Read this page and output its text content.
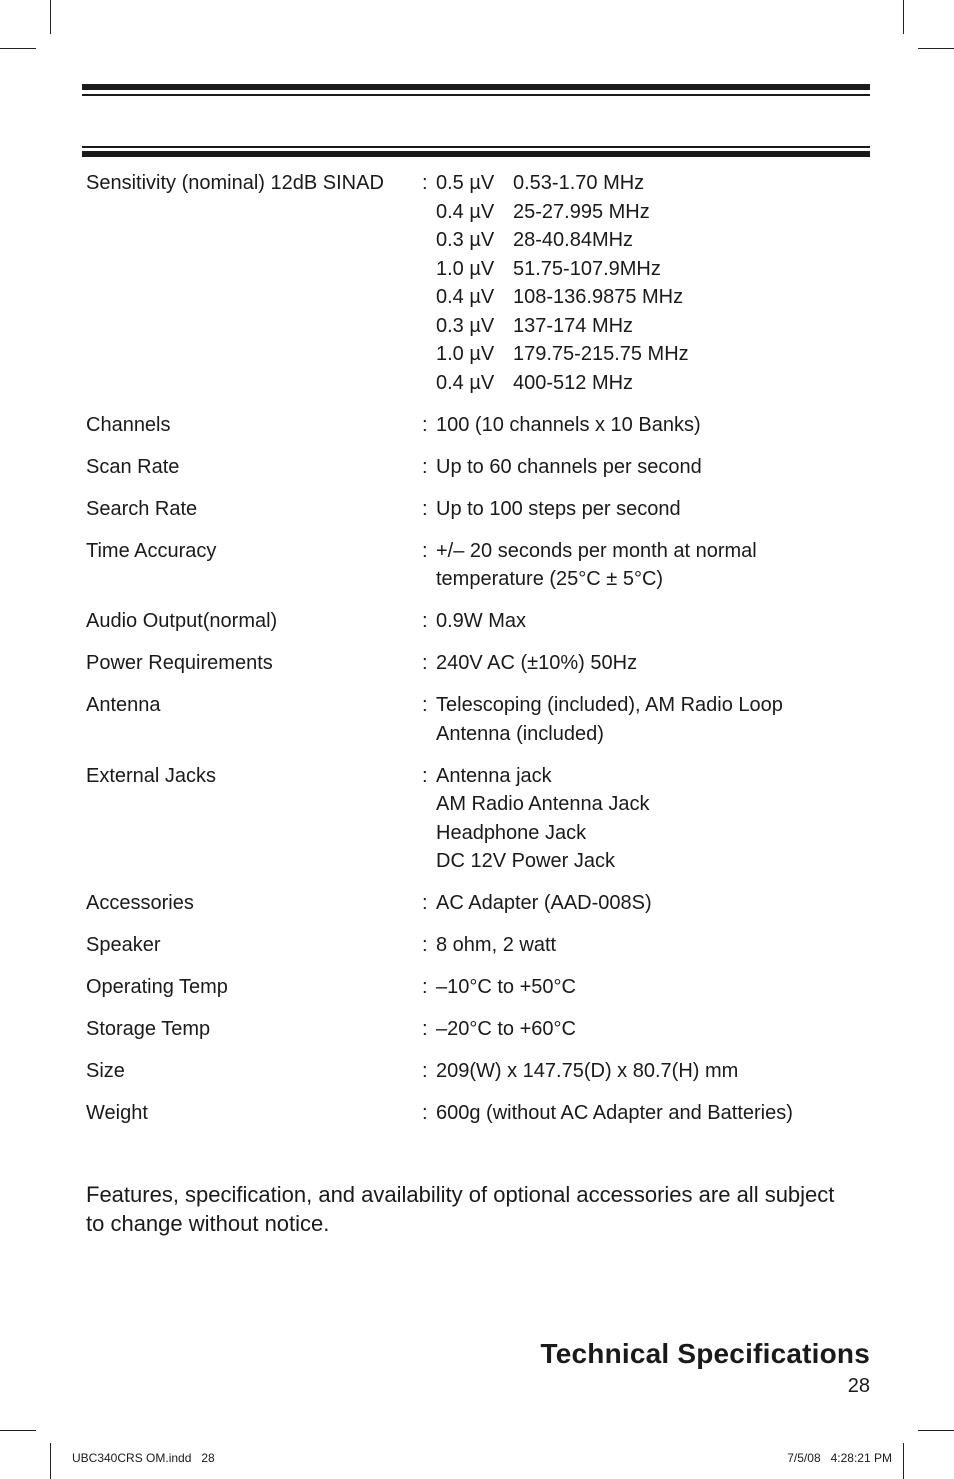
Sensitivity (nominal) 12dB SINAD	: 0.5 µV 0.53-1.70 MHz
0.4 µV 25-27.995 MHz
0.3 µV 28-40.84MHz
1.0 µV 51.75-107.9MHz
0.4 µV 108-136.9875 MHz
0.3 µV 137-174 MHz
1.0 µV 179.75-215.75 MHz
0.4 µV 400-512 MHz
Channels	: 100 (10 channels x 10 Banks)
Scan Rate	: Up to 60 channels per second
Search Rate	: Up to 100 steps per second
Time Accuracy	: +/– 20 seconds per month at normal
temperature (25°C ± 5°C)
Audio Output(normal)	: 0.9W Max
Power Requirements	: 240V AC (±10%) 50Hz
Antenna	: Telescoping (included), AM Radio Loop
Antenna (included)
External Jacks	: Antenna jack
AM Radio Antenna Jack
Headphone Jack
DC 12V Power Jack
Accessories	: AC Adapter (AAD-008S)
Speaker	: 8 ohm, 2 watt
Operating Temp	: –10°C to +50°C
Storage Temp	: –20°C to +60°C
Size	: 209(W) x 147.75(D) x 80.7(H) mm
Weight	: 600g (without AC Adapter and Batteries)
Features, specification, and availability of optional accessories are all subject to change without notice.
Technical Specifications
28
UBC340CRS OM.indd   28	7/5/08   4:28:21 PM
